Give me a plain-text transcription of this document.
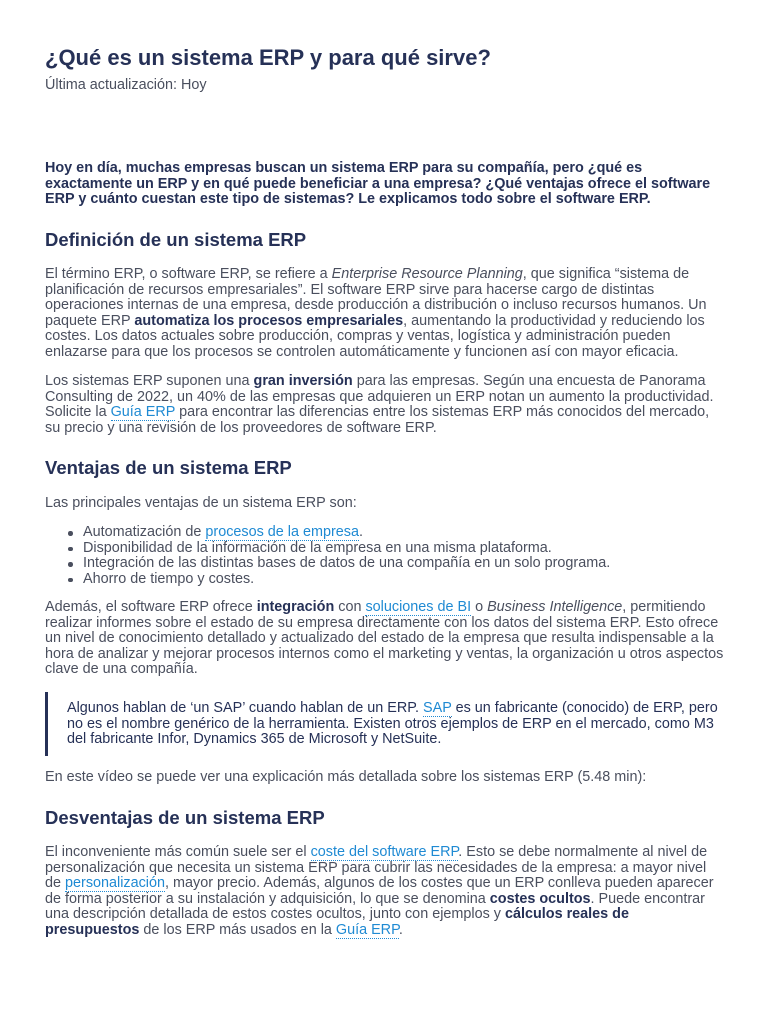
¿Qué es un sistema ERP y para qué sirve?

Última actualización: Hoy

Hoy en día, muchas empresas buscan un sistema ERP para su compañía, pero ¿qué es exactamente un ERP y en qué puede beneficiar a una empresa? ¿Qué ventajas ofrece el software ERP y cuánto cuestan este tipo de sistemas? Le explicamos todo sobre el software ERP.

Definición de un sistema ERP

El término ERP, o software ERP, se refiere a Enterprise Resource Planning, que significa “sistema de planificación de recursos empresariales”. El software ERP sirve para hacerse cargo de distintas operaciones internas de una empresa, desde producción a distribución o incluso recursos humanos. Un paquete ERP automatiza los procesos empresariales, aumentando la productividad y reduciendo los costes. Los datos actuales sobre producción, compras y ventas, logística y administración pueden enlazarse para que los procesos se controlen automáticamente y funcionen así con mayor eficacia.

Los sistemas ERP suponen una gran inversión para las empresas. Según una encuesta de Panorama Consulting de 2022, un 40% de las empresas que adquieren un ERP notan un aumento la productividad. Solicite la Guía ERP para encontrar las diferencias entre los sistemas ERP más conocidos del mercado, su precio y una revisión de los proveedores de software ERP.

Ventajas de un sistema ERP

Las principales ventajas de un sistema ERP son:

Automatización de procesos de la empresa.
Disponibilidad de la información de la empresa en una misma plataforma.
Integración de las distintas bases de datos de una compañía en un solo programa.
Ahorro de tiempo y costes.

Además, el software ERP ofrece integración con soluciones de BI o Business Intelligence, permitiendo realizar informes sobre el estado de su empresa directamente con los datos del sistema ERP. Esto ofrece un nivel de conocimiento detallado y actualizado del estado de la empresa que resulta indispensable a la hora de analizar y mejorar procesos internos como el marketing y ventas, la organización u otros aspectos clave de una compañía.

Algunos hablan de ‘un SAP’ cuando hablan de un ERP. SAP es un fabricante (conocido) de ERP, pero no es el nombre genérico de la herramienta. Existen otros ejemplos de ERP en el mercado, como M3 del fabricante Infor, Dynamics 365 de Microsoft y NetSuite.

En este vídeo se puede ver una explicación más detallada sobre los sistemas ERP (5.48 min):

Desventajas de un sistema ERP

El inconveniente más común suele ser el coste del software ERP. Esto se debe normalmente al nivel de personalización que necesita un sistema ERP para cubrir las necesidades de la empresa: a mayor nivel de personalización, mayor precio. Además, algunos de los costes que un ERP conlleva pueden aparecer de forma posterior a su instalación y adquisición, lo que se denomina costes ocultos. Puede encontrar una descripción detallada de estos costes ocultos, junto con ejemplos y cálculos reales de presupuestos de los ERP más usados en la Guía ERP.
